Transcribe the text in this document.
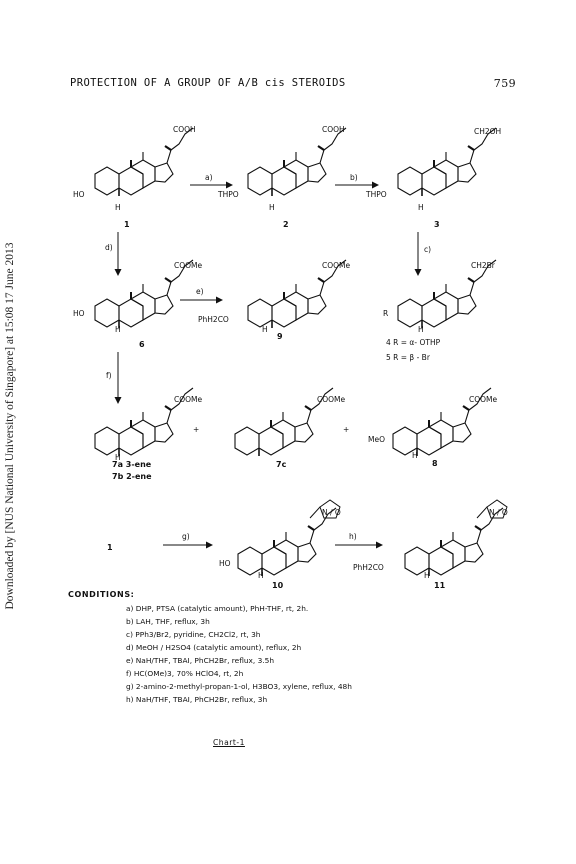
PROTECTION OF A GROUP OF A/B cis STEROIDS	759
Downloaded by [NUS National University of Singapore] at 15:08 17 June 2013
COOH
HO
H
1
a)
COOH
THPO
H
2
b)
CH2OH
THPO
H
3
d)	c)
COOMe
HO
H
6
e)
COOMe
PhH2CO
H
9
CH2Br
R
H
4 R = α- OTHP
5 R = β - Br
f)
COOMe
H
7a 3-ene
7b 2-ene
+
COOMe
7c
+
COOMe
MeO
H
8
1
g)
N / O
HO
H
10
h)
N / O
PhH2CO
H
11
CONDITIONS:
a) DHP, PTSA (catalytic amount), PhH-THF, rt, 2h.
b) LAH, THF, reflux, 3h
c) PPh3/Br2, pyridine, CH2Cl2, rt, 3h
d) MeOH / H2SO4 (catalytic amount), reflux, 2h
e) NaH/THF, TBAI, PhCH2Br, reflux, 3.5h
f) HC(OMe)3, 70% HClO4, rt, 2h
g) 2-amino-2-methyl-propan-1-ol, H3BO3, xylene, reflux, 48h
h) NaH/THF, TBAI, PhCH2Br, reflux, 3h
Chart-1
